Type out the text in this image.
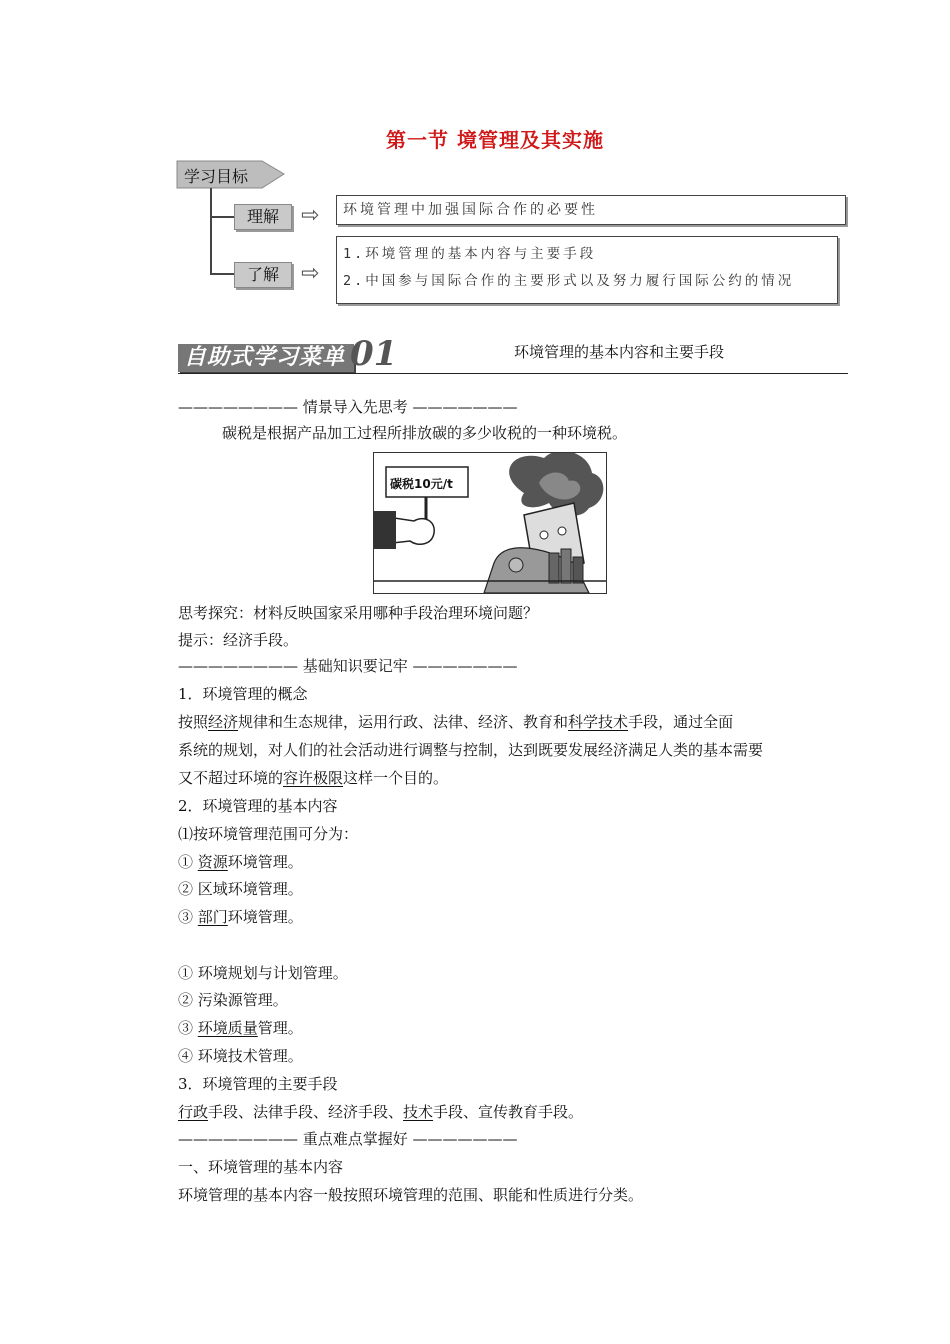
第一节 境管理及其实施
学习目标
理解	⇨	环境管理中加强国际合作的必要性
了解	⇨
1.环境管理的基本内容与主要手段
2.中国参与国际合作的主要形式以及努力履行国际公约的情况
自助式学习菜单 01	环境管理的基本内容和主要手段
———————— 情景导入先思考 ———————
碳税是根据产品加工过程所排放碳的多少收税的一种环境税。
碳税10元/t
思考探究：材料反映国家采用哪种手段治理环境问题？
提示：经济手段。
———————— 基础知识要记牢 ———————
1．环境管理的概念
按照经济规律和生态规律，运用行政、法律、经济、教育和科学技术手段，通过全面
系统的规划，对人们的社会活动进行调整与控制，达到既要发展经济满足人类的基本需要
又不超过环境的容许极限这样一个目的。
2．环境管理的基本内容
⑴按环境管理范围可分为：
① 资源环境管理。
② 区域环境管理。
③ 部门环境管理。
① 环境规划与计划管理。
② 污染源管理。
③ 环境质量管理。
④ 环境技术管理。
3．环境管理的主要手段
行政手段、法律手段、经济手段、技术手段、宣传教育手段。
———————— 重点难点掌握好 ———————
一、环境管理的基本内容
环境管理的基本内容一般按照环境管理的范围、职能和性质进行分类。
